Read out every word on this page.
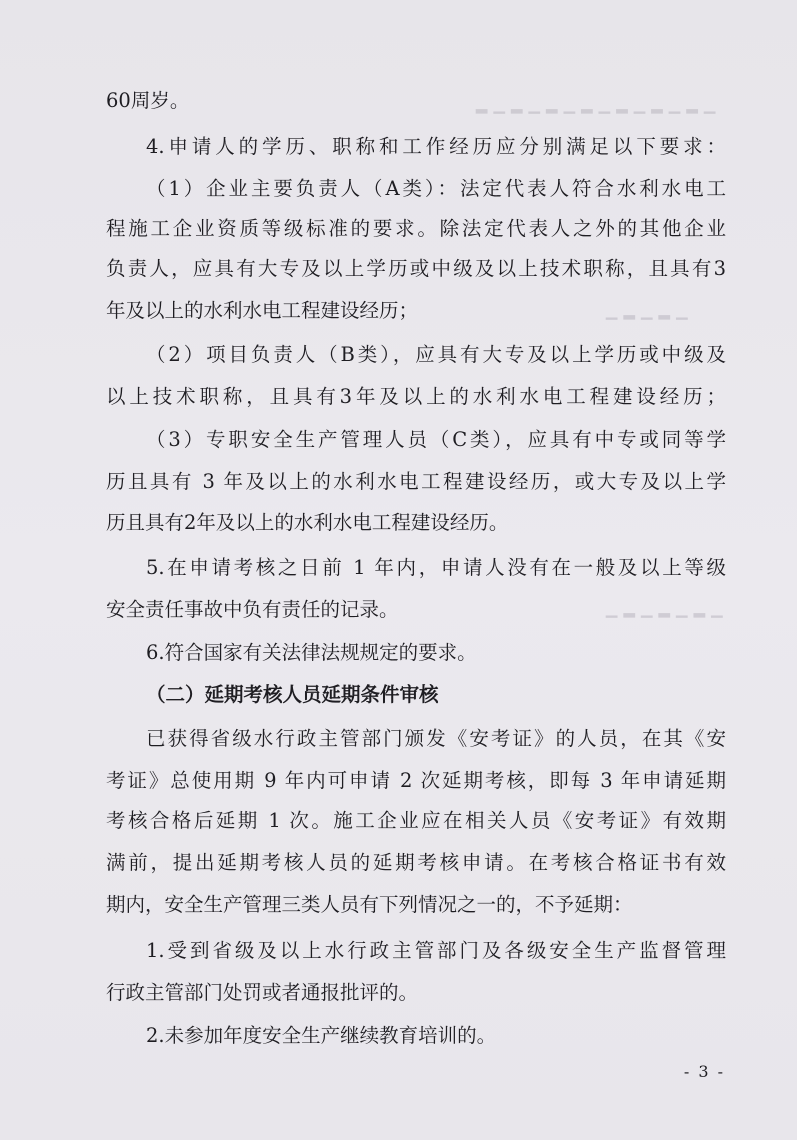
▁▂▁▂▁▂▁▂▁▂▁▂▁▂
▁▂▁▂▁
▁▂▁▂▁▂▁
60周岁。
4.申请人的学历、职称和工作经历应分别满足以下要求：
（1）企业主要负责人（A类）：法定代表人符合水利水电工
程施工企业资质等级标准的要求。除法定代表人之外的其他企业
负责人，应具有大专及以上学历或中级及以上技术职称，且具有3
年及以上的水利水电工程建设经历；
（2）项目负责人（B类），应具有大专及以上学历或中级及
以上技术职称，且具有3年及以上的水利水电工程建设经历；
（3）专职安全生产管理人员（C类），应具有中专或同等学
历且具有 3 年及以上的水利水电工程建设经历，或大专及以上学
历且具有2年及以上的水利水电工程建设经历。
5.在申请考核之日前 1 年内，申请人没有在一般及以上等级
安全责任事故中负有责任的记录。
6.符合国家有关法律法规规定的要求。
（二）延期考核人员延期条件审核
已获得省级水行政主管部门颁发《安考证》的人员，在其《安
考证》总使用期 9 年内可申请 2 次延期考核，即每 3 年申请延期
考核合格后延期 1 次。施工企业应在相关人员《安考证》有效期
满前，提出延期考核人员的延期考核申请。在考核合格证书有效
期内，安全生产管理三类人员有下列情况之一的，不予延期：
1.受到省级及以上水行政主管部门及各级安全生产监督管理
行政主管部门处罚或者通报批评的。
2.未参加年度安全生产继续教育培训的。
- 3 -
